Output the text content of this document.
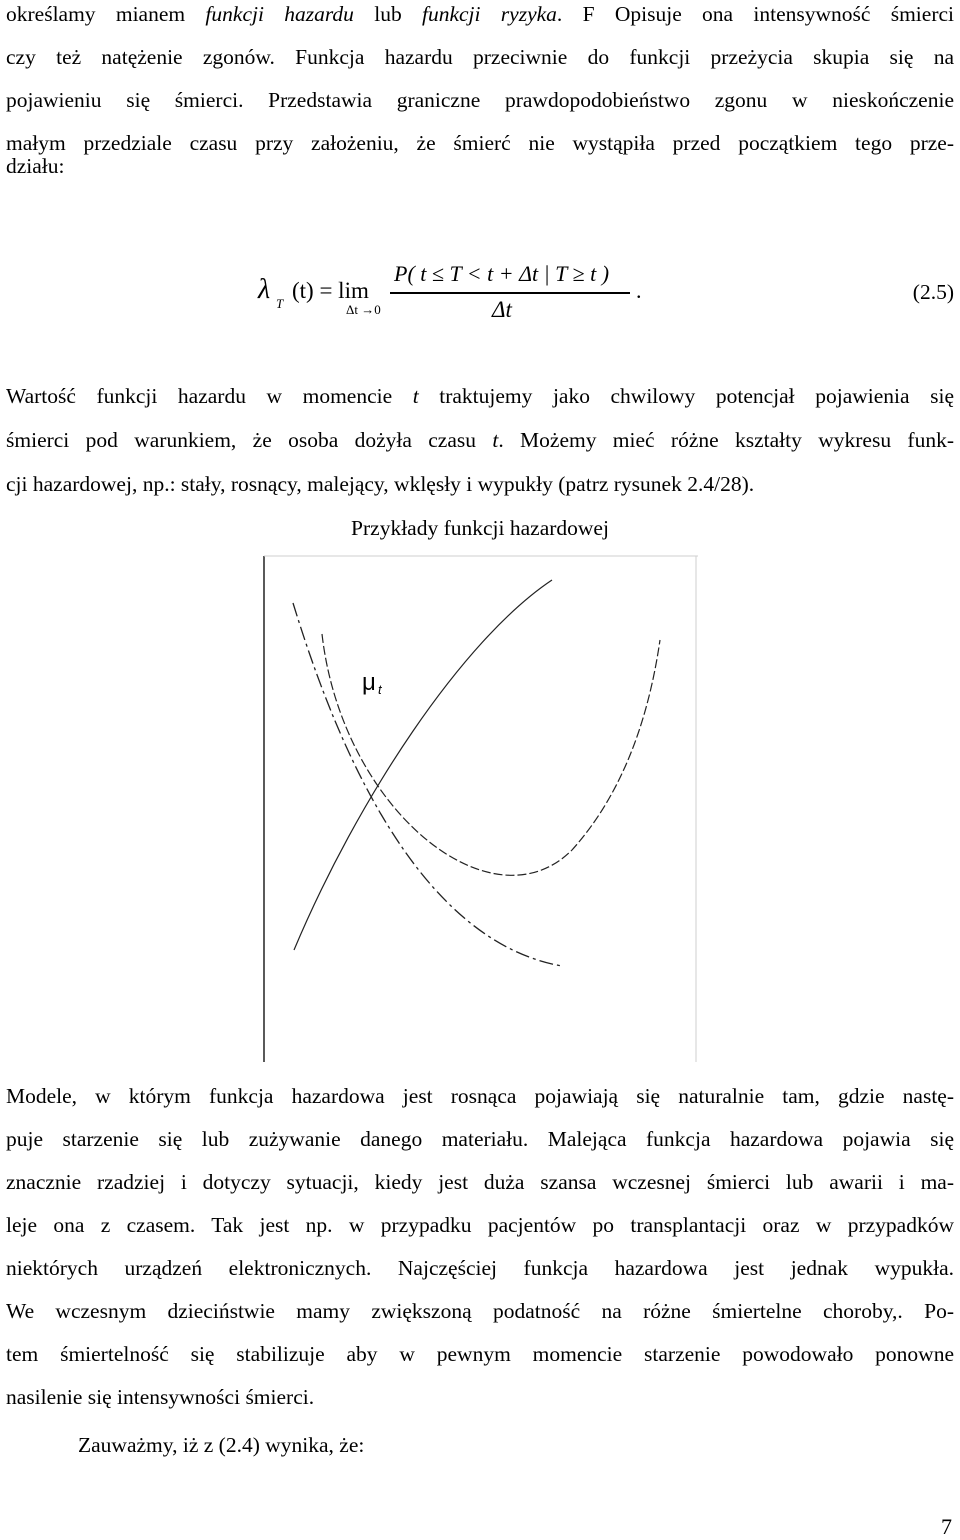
określamy mianem funkcji hazardu lub funkcji ryzyka. F Opisuje ona intensywność śmierci
czy też natężenie zgonów. Funkcja hazardu przeciwnie do funkcji przeżycia skupia się na
pojawieniu się śmierci. Przedstawia graniczne prawdopodobieństwo zgonu w nieskończenie
małym przedziale czasu przy założeniu, że śmierć nie wystąpiła przed początkiem tego prze-
działu:
λ T
(t) = lim
Δt →0
P( t ≤ T < t + Δt | T ≥ t )
Δt
.	(2.5)
Wartość funkcji hazardu w momencie t traktujemy jako chwilowy potencjał pojawienia się
śmierci pod warunkiem, że osoba dożyła czasu t. Możemy mieć różne kształty wykresu funk-
cji hazardowej, np.: stały, rosnący, malejący, wklęsły i wypukły (patrz rysunek 2.4/28).
Przykłady funkcji hazardowej
μ t
Modele, w którym funkcja hazardowa jest rosnąca pojawiają się naturalnie tam, gdzie nastę-
puje starzenie się lub zużywanie danego materiału. Malejąca funkcja hazardowa pojawia się
znacznie rzadziej i dotyczy sytuacji, kiedy jest duża szansa wczesnej śmierci lub awarii i ma-
leje ona z czasem. Tak jest np. w przypadku pacjentów po transplantacji oraz w przypadków
niektórych urządzeń elektronicznych. Najczęściej funkcja hazardowa jest jednak wypukła.
We wczesnym dzieciństwie mamy zwiększoną podatność na różne śmiertelne choroby,. Po-
tem śmiertelność się stabilizuje aby w pewnym momencie starzenie powodowało ponowne
nasilenie się intensywności śmierci.
Zauważmy, iż z (2.4) wynika, że:
7
